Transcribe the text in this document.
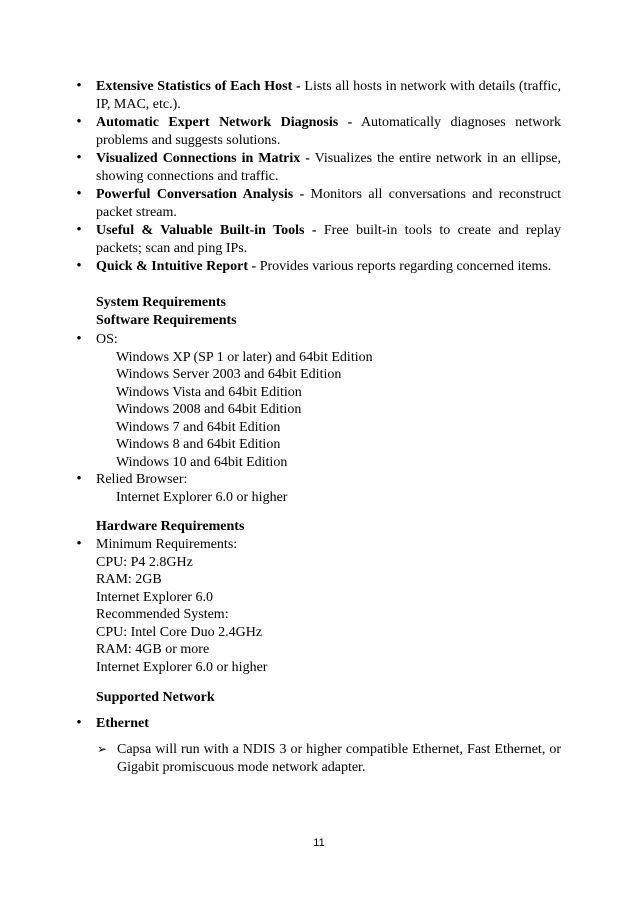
•
Extensive Statistics of Each Host - Lists all hosts in network with details (traffic, IP, MAC, etc.).
•
Automatic Expert Network Diagnosis - Automatically diagnoses network problems and suggests solutions.
•
Visualized Connections in Matrix - Visualizes the entire network in an ellipse, showing connections and traffic.
•
Powerful Conversation Analysis - Monitors all conversations and reconstruct packet stream.
•
Useful & Valuable Built-in Tools - Free built-in tools to create and replay packets; scan and ping IPs.
•
Quick & Intuitive Report - Provides various reports regarding concerned items.
System Requirements
Software Requirements
•
OS:
Windows XP (SP 1 or later) and 64bit Edition
Windows Server 2003 and 64bit Edition
Windows Vista and 64bit Edition
Windows 2008 and 64bit Edition
Windows 7 and 64bit Edition
Windows 8 and 64bit Edition
Windows 10 and 64bit Edition
•
Relied Browser:
Internet Explorer 6.0 or higher
Hardware Requirements
•
Minimum Requirements:
CPU: P4 2.8GHz
RAM: 2GB
Internet Explorer 6.0
Recommended System:
CPU: Intel Core Duo 2.4GHz
RAM: 4GB or more
Internet Explorer 6.0 or higher
Supported Network
•
Ethernet
➢ Capsa will run with a NDIS 3 or higher compatible Ethernet, Fast Ethernet, or Gigabit promiscuous mode network adapter.
11
